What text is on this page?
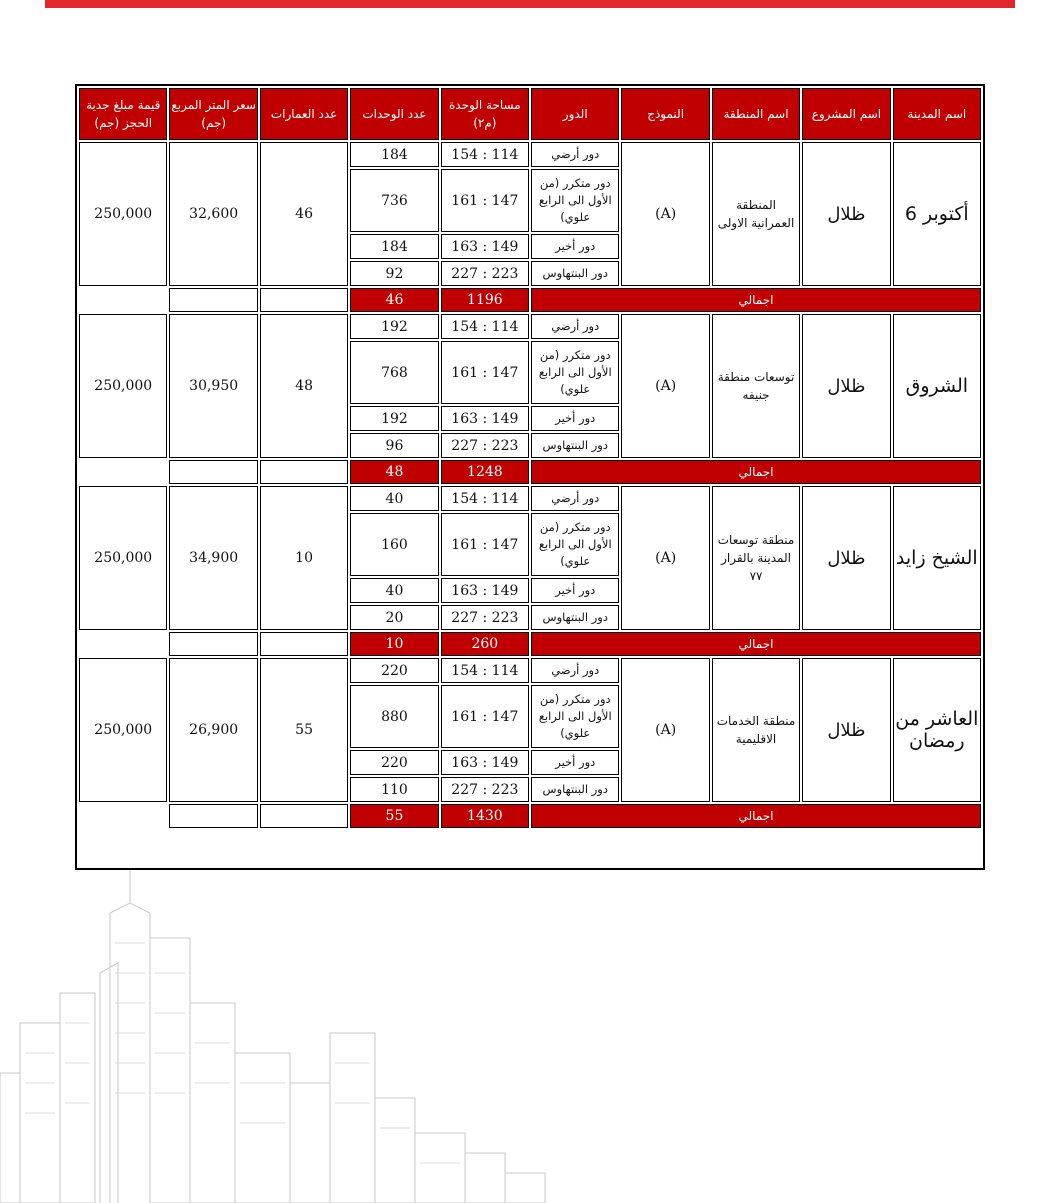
اسم المدينة	اسم المشروع	اسم المنطقة	النموذج	الدور	مساحة الوحدة (م٢)	عدد الوحدات	عدد العمارات	سعر المتر المربع (جم)	قيمة مبلغ جدية الحجز (جم)
أكتوبر 6	ظلال	المنطقة العمرانية الاولى	(A)	دور أرضي	114 : 154	184	46	32,600	250,000
				دور متكرر (من الأول الى الرابع علوي)	147 : 161	736			
				دور أخير	149 : 163	184			
				دور البنتهاوس	223 : 227	92			
اجمالي					1196	46			
الشروق	ظلال	توسعات منطقة جنيفه	(A)	دور أرضي	114 : 154	192	48	30,950	250,000
				دور متكرر (من الأول الى الرابع علوي)	147 : 161	768			
				دور أخير	149 : 163	192			
				دور البنتهاوس	223 : 227	96			
اجمالي					1248	48			
الشيخ زايد	ظلال	منطقة توسعات المدينة بالقرار ٧٧	(A)	دور أرضي	114 : 154	40	10	34,900	250,000
				دور متكرر (من الأول الى الرابع علوي)	147 : 161	160			
				دور أخير	149 : 163	40			
				دور البنتهاوس	223 : 227	20			
اجمالي					260	10			
العاشر من رمضان	ظلال	منطقة الخدمات الاقليمية	(A)	دور أرضي	114 : 154	220	55	26,900	250,000
				دور متكرر (من الأول الى الرابع علوي)	147 : 161	880			
				دور أخير	149 : 163	220			
				دور البنتهاوس	223 : 227	110			
اجمالي					1430	55			
